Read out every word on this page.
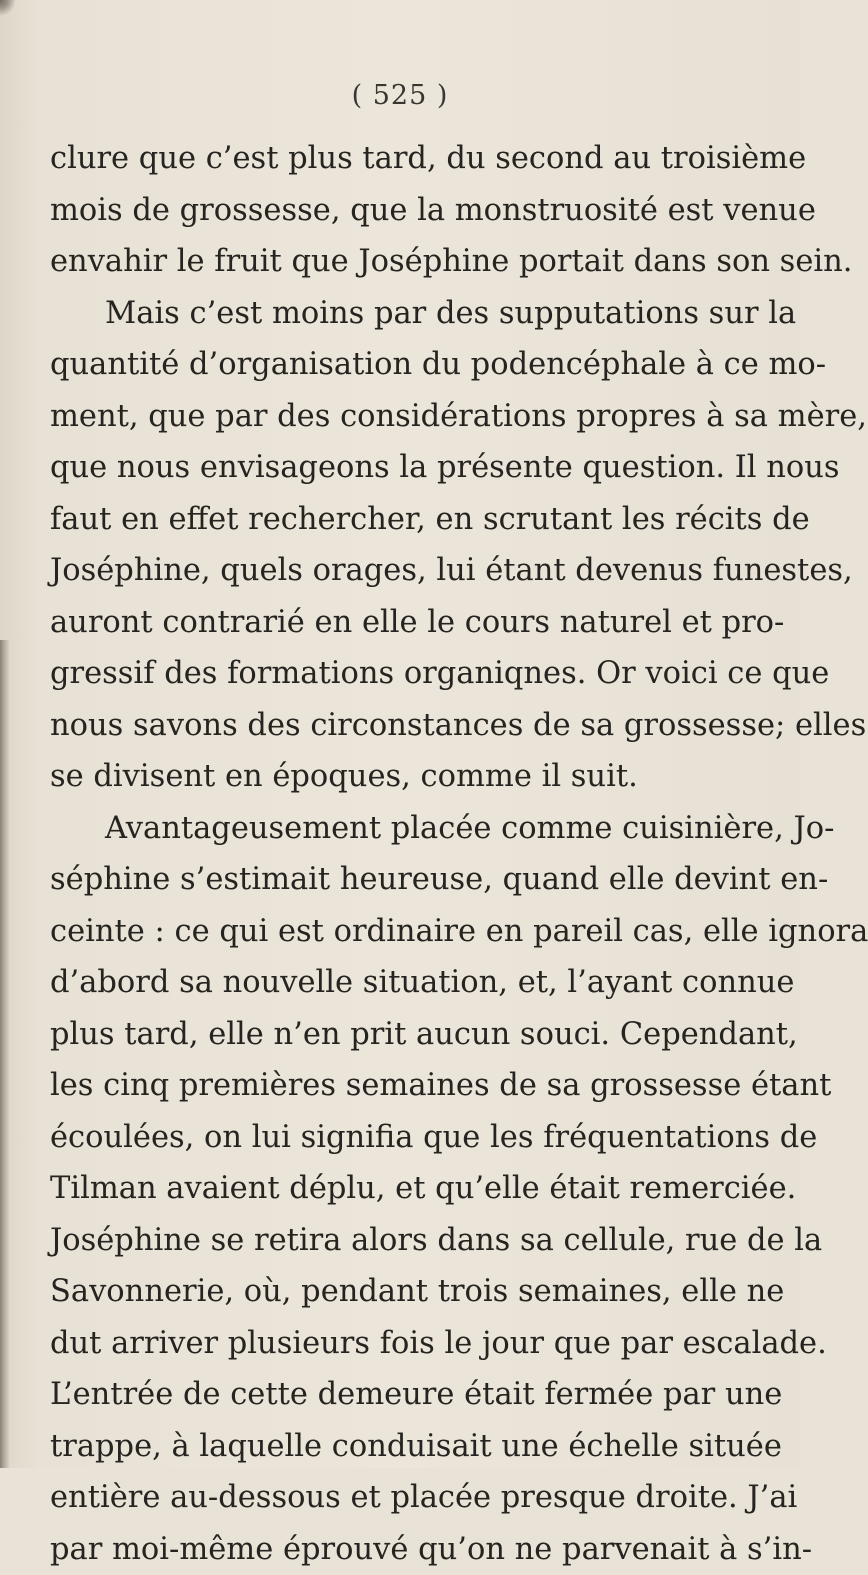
( 525 )
clure que c’est plus tard, du second au troisième
mois de grossesse, que la monstruosité est venue
envahir le fruit que Joséphine portait dans son sein.
Mais c’est moins par des supputations sur la
quantité d’organisation du podencéphale à ce mo-
ment, que par des considérations propres à sa mère,
que nous envisageons la présente question. Il nous
faut en effet rechercher, en scrutant les récits de
Joséphine, quels orages, lui étant devenus funestes,
auront contrarié en elle le cours naturel et pro-
gressif des formations organiqnes. Or voici ce que
nous savons des circonstances de sa grossesse; elles
se divisent en époques, comme il suit.
Avantageusement placée comme cuisinière, Jo-
séphine s’estimait heureuse, quand elle devint en-
ceinte : ce qui est ordinaire en pareil cas, elle ignora
d’abord sa nouvelle situation, et, l’ayant connue
plus tard, elle n’en prit aucun souci. Cependant,
les cinq premières semaines de sa grossesse étant
écoulées, on lui signifia que les fréquentations de
Tilman avaient déplu, et qu’elle était remerciée.
Joséphine se retira alors dans sa cellule, rue de la
Savonnerie, où, pendant trois semaines, elle ne
dut arriver plusieurs fois le jour que par escalade.
L’entrée de cette demeure était fermée par une
trappe, à laquelle conduisait une échelle située
entière au-dessous et placée presque droite. J’ai
par moi-même éprouvé qu’on ne parvenait à s’in-
